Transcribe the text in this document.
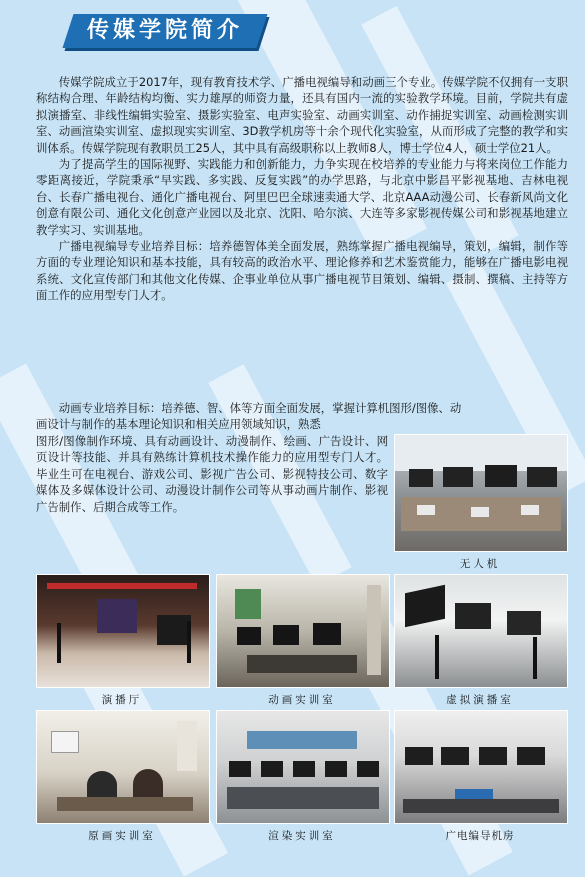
传媒学院简介

传媒学院成立于2017年，现有教育技术学、广播电视编导和动画三个专业。传媒学院不仅拥有一支职称结构合理、年龄结构均衡、实力雄厚的师资力量，还具有国内一流的实验教学环境。目前，学院共有虚拟演播室、非线性编辑实验室、摄影实验室、电声实验室、动画实训室、动作捕捉实训室、动画检测实训室、动画渲染实训室、虚拟现实实训室、3D教学机房等十余个现代化实验室，从而形成了完整的教学和实训体系。传媒学院现有教职员工25人，其中具有高级职称以上教师8人，博士学位4人，硕士学位21人。

为了提高学生的国际视野、实践能力和创新能力，力争实现在校培养的专业能力与将来岗位工作能力零距离接近，学院秉承“早实践、多实践、反复实践”的办学思路，与北京中影昌平影视基地、吉林电视台、长春广播电视台、通化广播电视台、阿里巴巴全球速卖通大学、北京AAA动漫公司、长春新风尚文化创意有限公司、通化文化创意产业园以及北京、沈阳、哈尔滨、大连等多家影视传媒公司和影视基地建立教学实习、实训基地。

广播电视编导专业培养目标：培养德智体美全面发展，熟练掌握广播电视编导，策划，编辑，制作等方面的专业理论知识和基本技能，具有较高的政治水平、理论修养和艺术鉴赏能力，能够在广播电影电视系统、文化宣传部门和其他文化传媒、企事业单位从事广播电视节目策划、编辑、摄制、撰稿、主持等方面工作的应用型专门人才。

动画专业培养目标：培养德、智、体等方面全面发展，掌握计算机图形/图像、动

画设计与制作的基本理论知识和相关应用领域知识，熟悉

图形/图像制作环境、具有动画设计、动漫制作、绘画、广告设计、网页设计等技能、并具有熟练计算机技术操作能力的应用型专门人才。毕业生可在电视台、游戏公司、影视广告公司、影视特技公司、数字媒体及多媒体设计公司、动漫设计制作公司等从事动画片制作、影视广告制作、后期合成等工作。

无人机
演播厅	动画实训室	虚拟演播室
原画实训室	渲染实训室	广电编导机房
